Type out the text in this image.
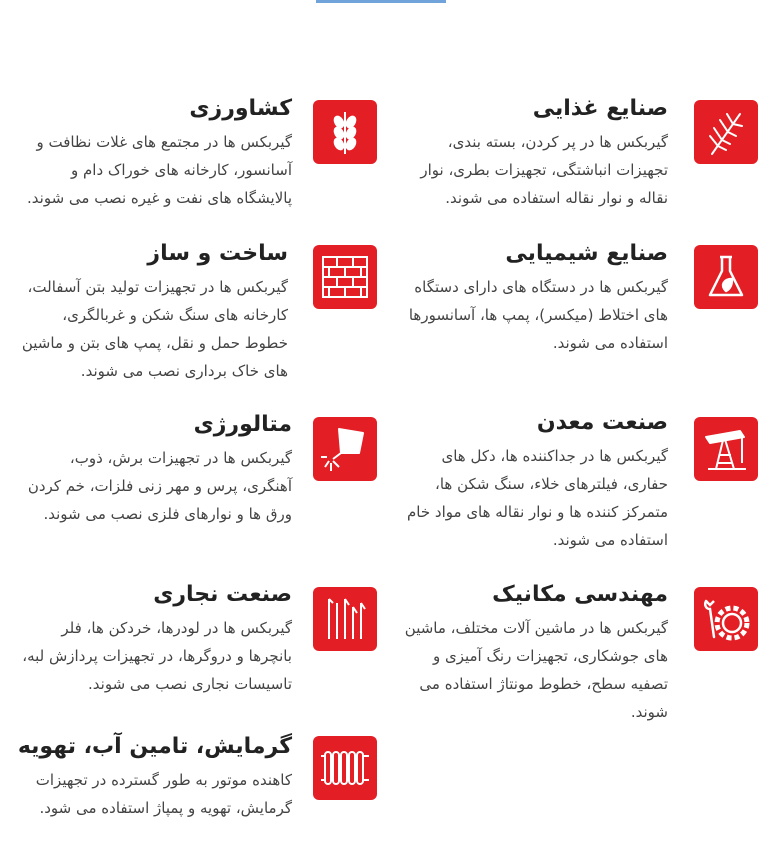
صنایع غذایی

گیربکس ها در پر کردن، بسته بندی، تجهیزات انباشتگی، تجهیزات بطری، نوار نقاله و نوار نقاله استفاده می شوند.

کشاورزی

گیربکس ها در مجتمع های غلات نظافت و آسانسور، کارخانه های خوراک دام و پالایشگاه های نفت و غیره نصب می شوند.

صنایع شیمیایی

گیربکس ها در دستگاه های دارای دستگاه های اختلاط (میکسر)، پمپ ها، آسانسورها استفاده می شوند.

ساخت و ساز

گیربکس ها در تجهیزات تولید بتن آسفالت، کارخانه های سنگ شکن و غربالگری، خطوط حمل و نقل، پمپ های بتن و ماشین های خاک برداری نصب می شوند.

صنعت معدن

گیربکس ها در جداکننده ها، دکل های حفاری، فیلترهای خلاء، سنگ شکن ها، متمرکز کننده ها و نوار نقاله های مواد خام استفاده می شوند.

متالورژی

گیربکس ها در تجهیزات برش، ذوب، آهنگری، پرس و مهر زنی فلزات، خم کردن ورق ها و نوارهای فلزی نصب می شوند.

مهندسی مکانیک

گیربکس ها در ماشین آلات مختلف، ماشین های جوشکاری، تجهیزات رنگ آمیزی و تصفیه سطح، خطوط مونتاژ استفاده می شوند.

صنعت نجاری

گیربکس ها در لودرها، خردکن ها، فلر بانچرها و دروگرها، در تجهیزات پردازش لبه، تاسیسات نجاری نصب می شوند.

گرمایش، تامین آب، تهویه

کاهنده موتور به طور گسترده در تجهیزات گرمایش، تهویه و پمپاژ استفاده می شود.
